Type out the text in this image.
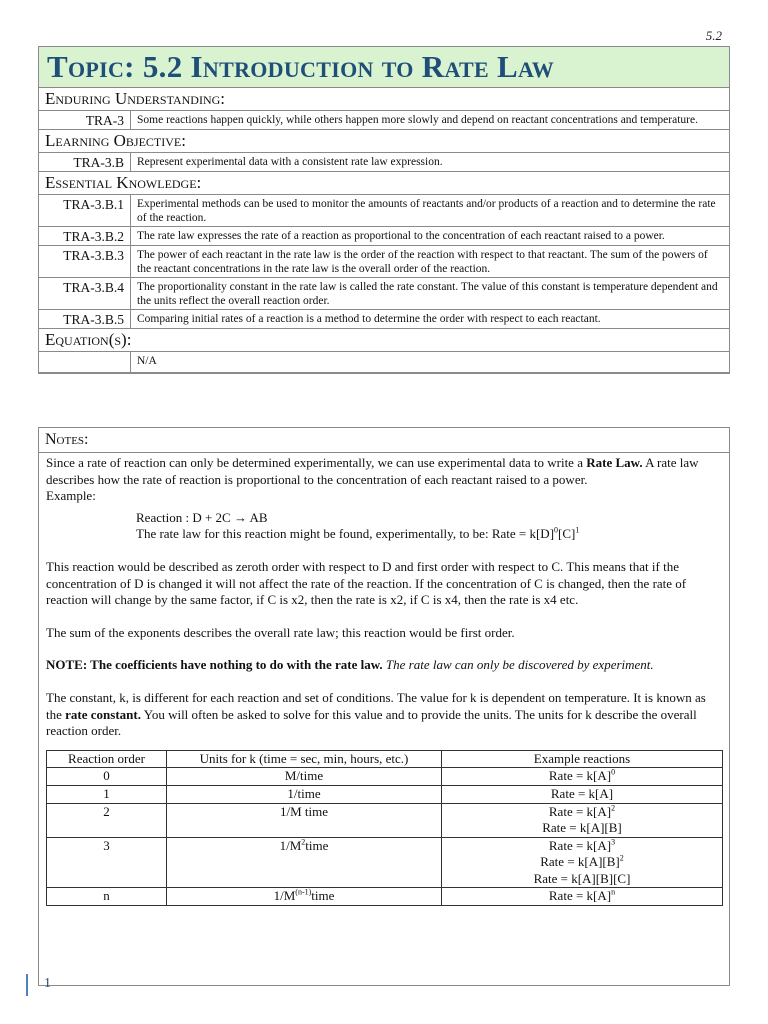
5.2
Topic: 5.2 Introduction to Rate Law
Enduring Understanding:
TRA-3	Some reactions happen quickly, while others happen more slowly and depend on reactant concentrations and temperature.
Learning Objective:
TRA-3.B	Represent experimental data with a consistent rate law expression.
Essential Knowledge:
TRA-3.B.1	Experimental methods can be used to monitor the amounts of reactants and/or products of a reaction and to determine the rate of the reaction.
TRA-3.B.2	The rate law expresses the rate of a reaction as proportional to the concentration of each reactant raised to a power.
TRA-3.B.3	The power of each reactant in the rate law is the order of the reaction with respect to that reactant. The sum of the powers of the reactant concentrations in the rate law is the overall order of the reaction.
TRA-3.B.4	The proportionality constant in the rate law is called the rate constant. The value of this constant is temperature dependent and the units reflect the overall reaction order.
TRA-3.B.5	Comparing initial rates of a reaction is a method to determine the order with respect to each reactant.
Equation(s):
	N/A
Notes:

Since a rate of reaction can only be determined experimentally, we can use experimental data to write a Rate Law. A rate law describes how the rate of reaction is proportional to the concentration of each reactant raised to a power.

Example:

Reaction : D + 2C → AB

The rate law for this reaction might be found, experimentally, to be: Rate = $k[D]^0[C]^1$

This reaction would be described as zeroth order with respect to D and first order with respect to C. This means that if the concentration of D is changed it will not affect the rate of the reaction. If the concentration of C is changed, then the rate of reaction will change by the same factor, if C is x2, then the rate is x2, if C is x4, then the rate is x4 etc.

The sum of the exponents describes the overall rate law; this reaction would be first order.

NOTE: The coefficients have nothing to do with the rate law. The rate law can only be discovered by experiment.

The constant, k, is different for each reaction and set of conditions. The value for k is dependent on temperature. It is known as the rate constant. You will often be asked to solve for this value and to provide the units. The units for k describe the overall reaction order.

Reaction order	Units for k (time = sec, min, hours, etc.)	Example reactions
0	M/time	Rate = $k[A]^0$
1	1/time	Rate = k[A]
2	1/M time	Rate = $k[A]^2$
Rate = k[A][B]

3	$1/M^2time$	Rate = $k[A]^3$
Rate = $k[A][B]^2$
Rate = k[A][B][C]

n	$1/M^{(n-1)}time$	Rate = $k[A]^n$
1
